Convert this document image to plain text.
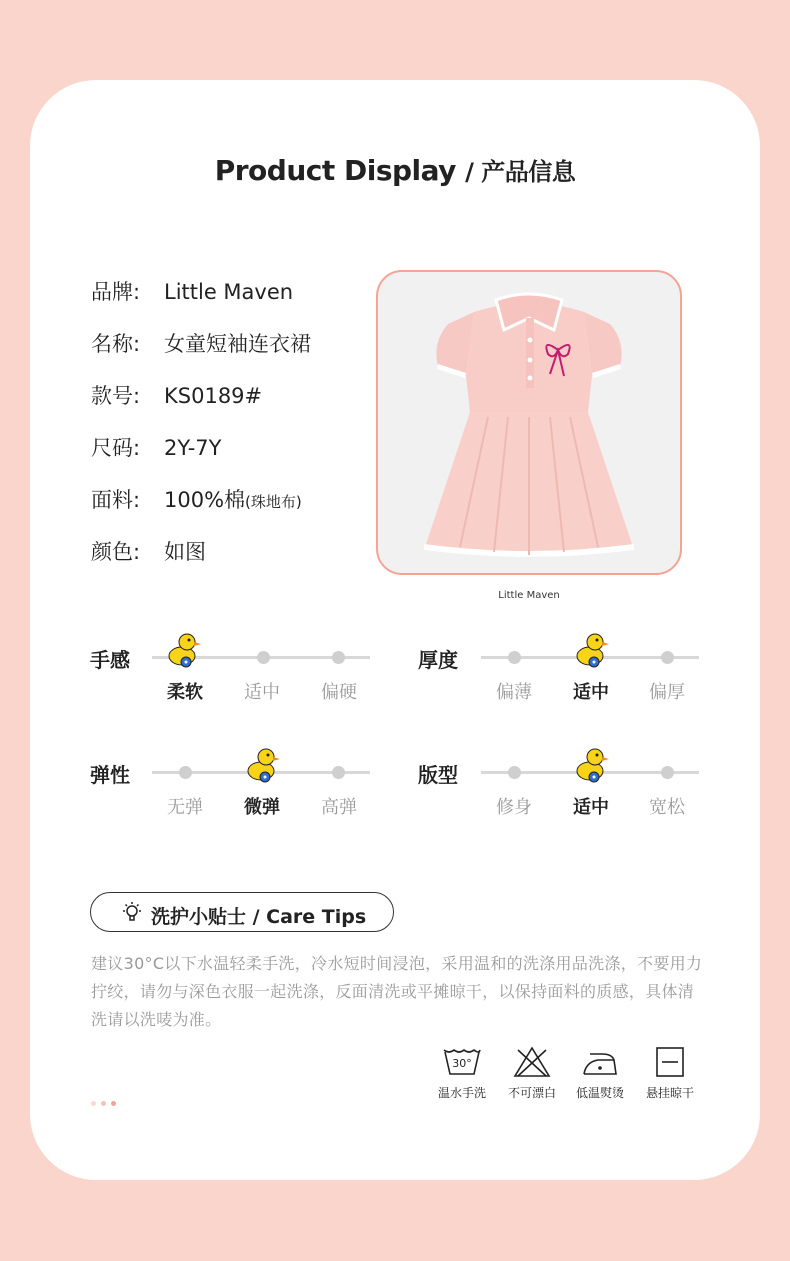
Product Display / 产品信息
品牌: Little Maven
名称: 女童短袖连衣裙
款号: KS0189#
尺码: 2Y-7Y
面料: 100%棉(珠地布)
颜色: 如图
Little Maven
手感
柔软	适中	偏硬
厚度
偏薄	适中	偏厚
弹性
无弹	微弹	高弹
版型
修身	适中	宽松
洗护小贴士 / Care Tips
建议30°C以下水温轻柔手洗，冷水短时间浸泡，采用温和的洗涤用品洗涤，不要用力拧绞，请勿与深色衣服一起洗涤，反面清洗或平摊晾干，以保持面料的质感，具体清洗请以洗唛为准。
30°
温水手洗	不可漂白	低温熨烫	悬挂晾干
